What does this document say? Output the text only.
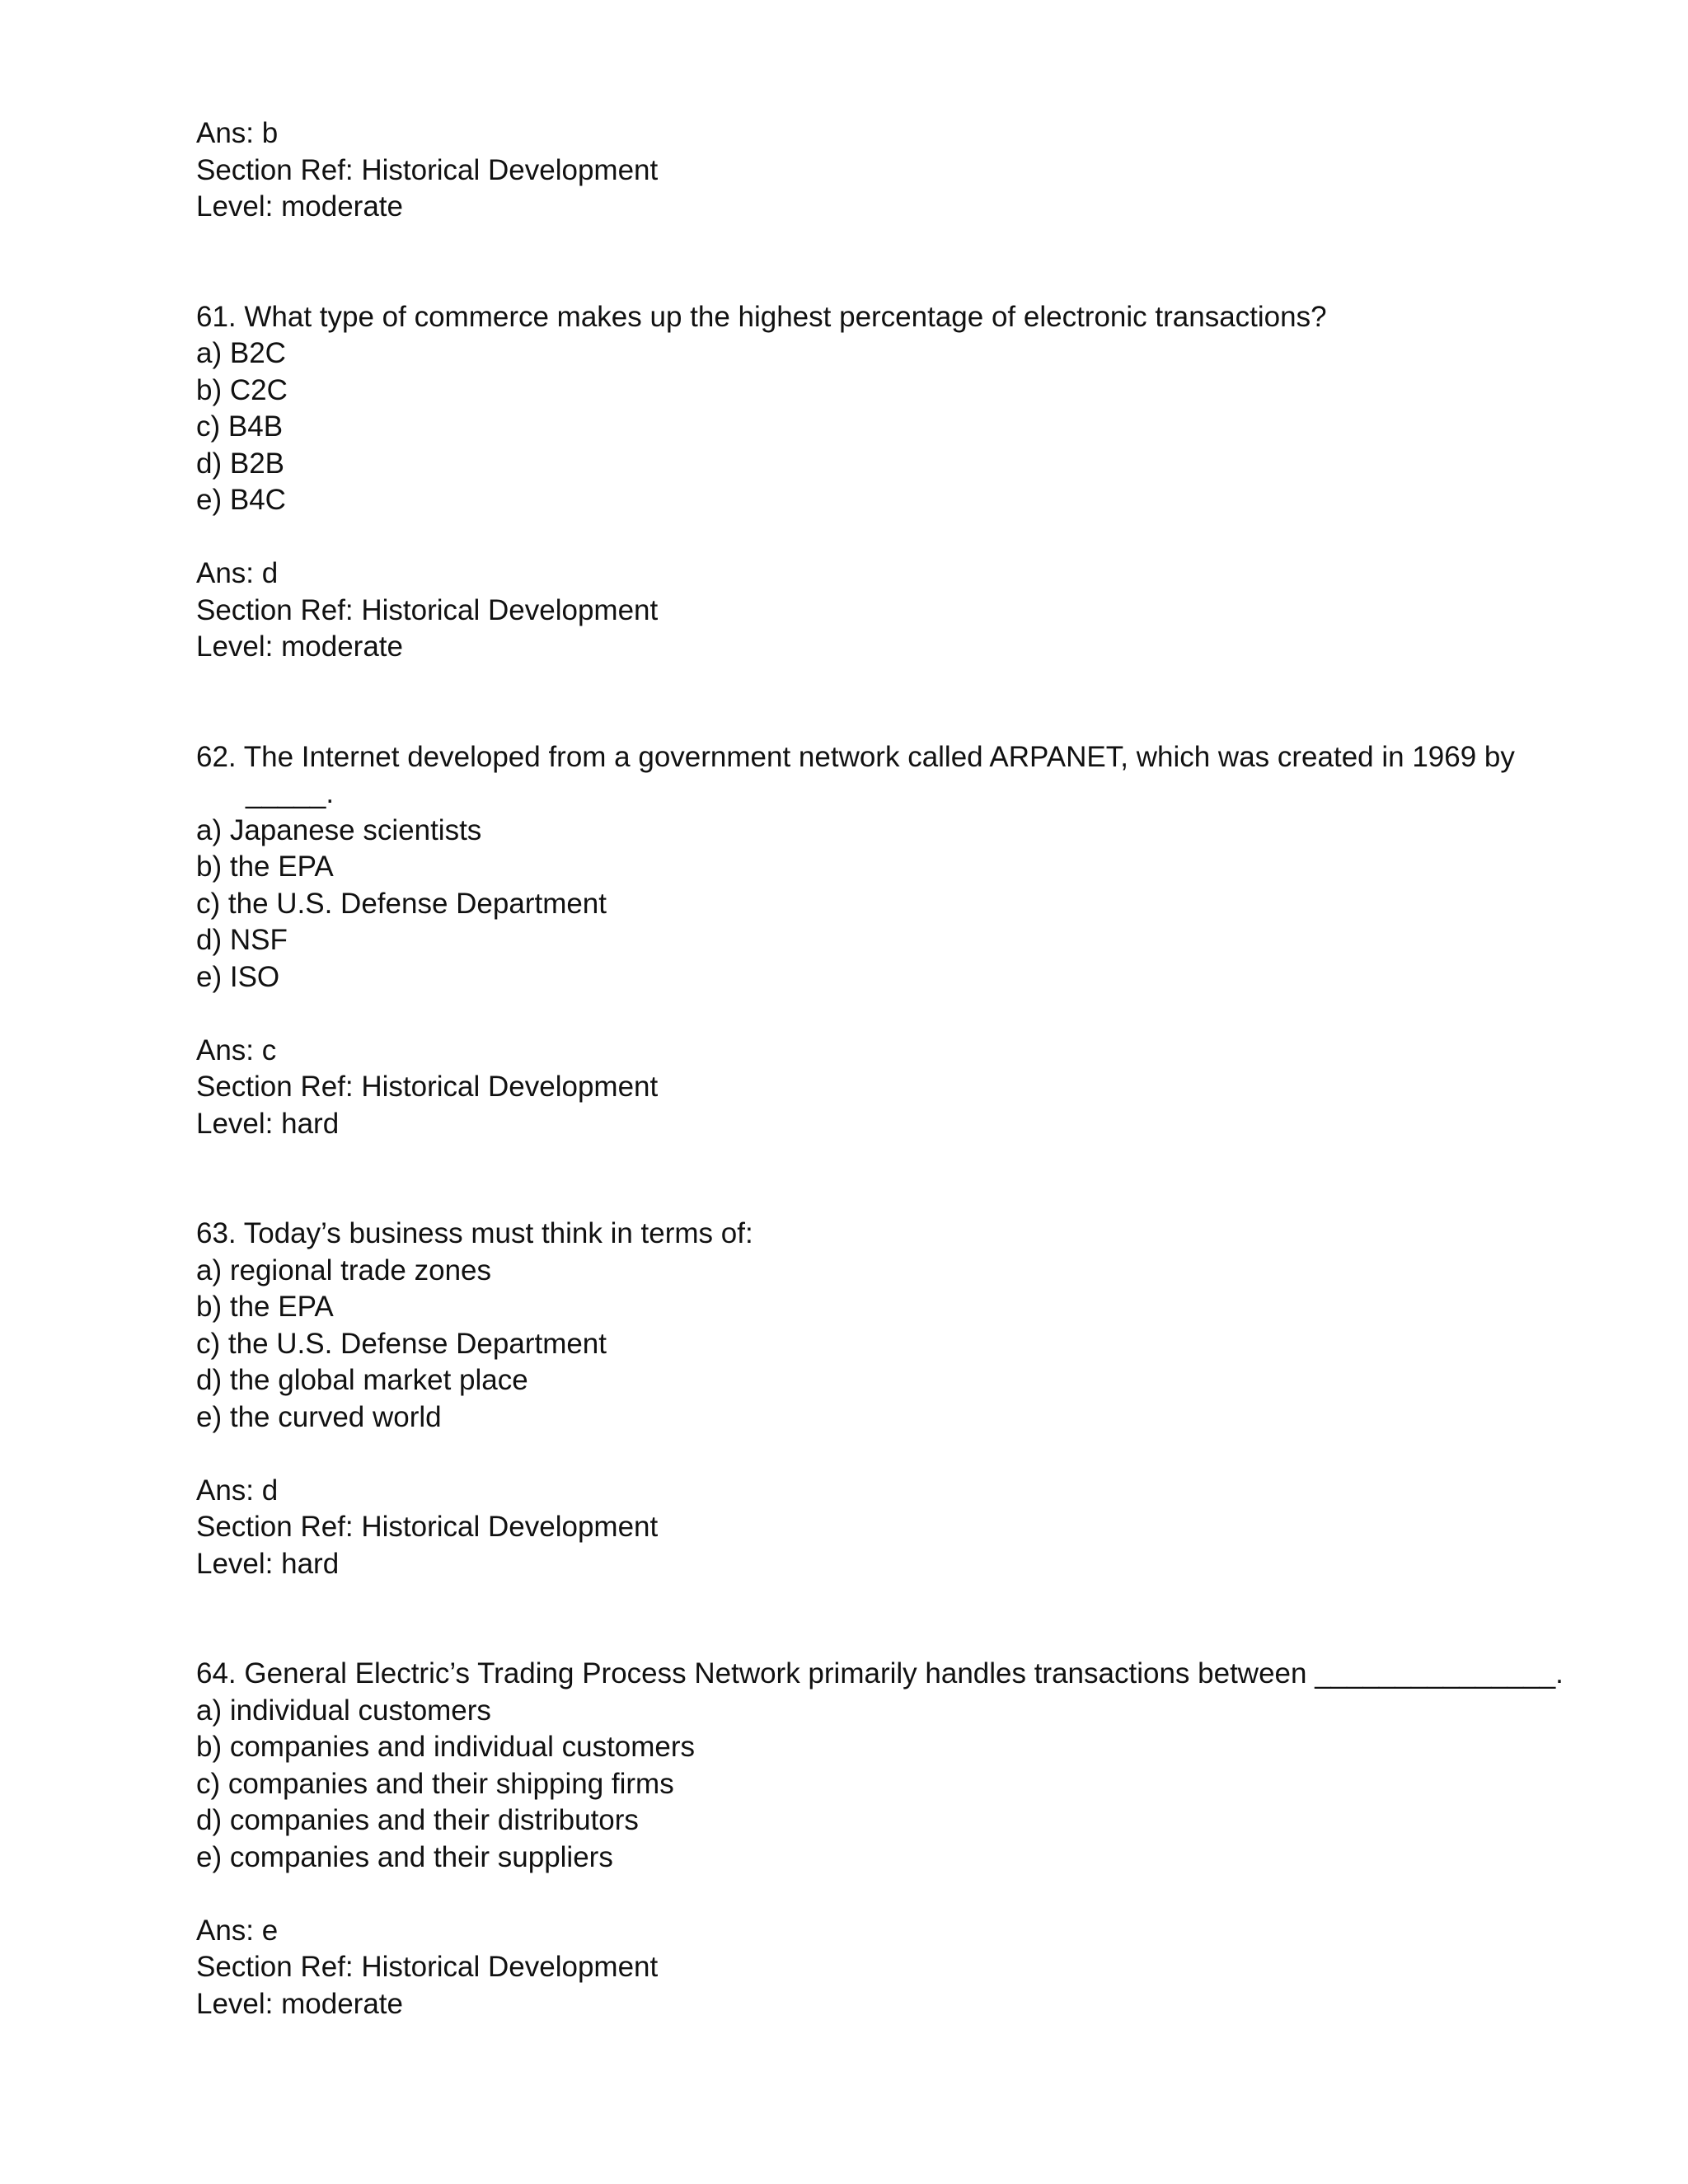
Ans: b
Section Ref: Historical Development
Level: moderate
61. What type of commerce makes up the highest percentage of electronic transactions?
a) B2C
b) C2C
c) B4B
d) B2B
e) B4C
Ans: d
Section Ref: Historical Development
Level: moderate
62. The Internet developed from a government network called ARPANET, which was created in 1969 by
_____.
a) Japanese scientists
b) the EPA
c) the U.S. Defense Department
d) NSF
e) ISO
Ans: c
Section Ref: Historical Development
Level: hard
63. Today’s business must think in terms of:
a) regional trade zones
b) the EPA
c) the U.S. Defense Department
d) the global market place
e) the curved world
Ans: d
Section Ref: Historical Development
Level: hard
64. General Electric’s Trading Process Network primarily handles transactions between _______________.
a) individual customers
b) companies and individual customers
c) companies and their shipping firms
d) companies and their distributors
e) companies and their suppliers
Ans: e
Section Ref: Historical Development
Level: moderate
